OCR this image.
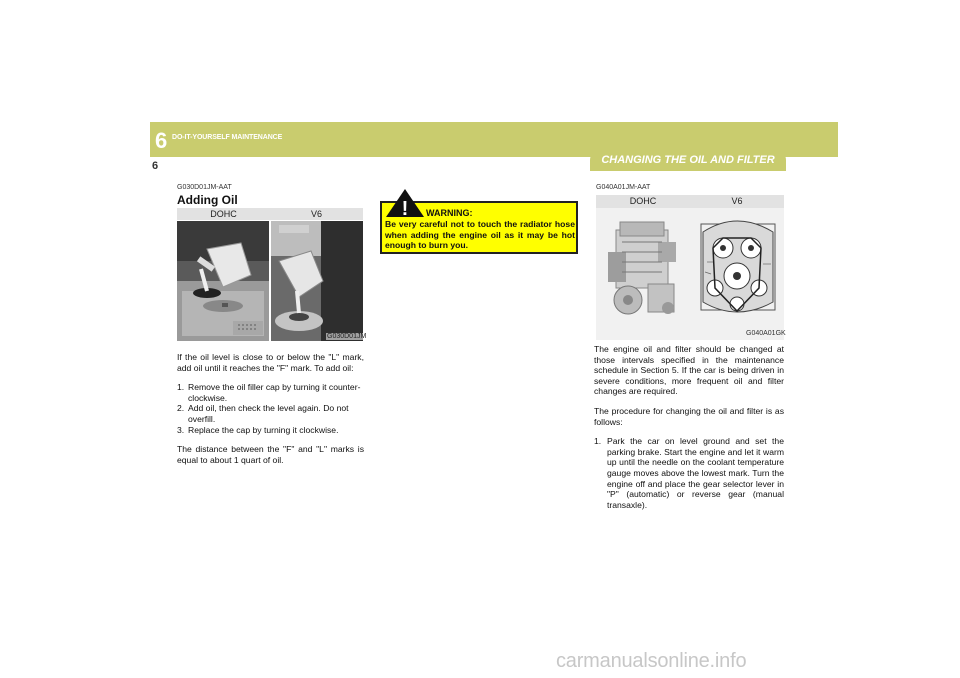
6 DO-IT-YOURSELF MAINTENANCE
6	CHANGING THE OIL AND FILTER
G030D01JM-AAT
Adding Oil
DOHC	V6
G030D01JM

If the oil level is close to or below the "L" mark, add oil until it reaches the "F" mark. To add oil:

1. Remove the oil filler cap by turning it counter-clockwise.
2. Add oil, then check the level again. Do not overfill.
3. Replace the cap by turning it clockwise.

The distance between the "F" and "L" marks is equal to about 1 quart of oil.

! WARNING:
Be very careful not to touch the radiator hose when adding the engine oil as it may be hot enough to burn you.
G040A01JM-AAT
DOHC	V6
G040A01GK

The engine oil and filter should be changed at those intervals specified in the maintenance schedule in Section 5. If the car is being driven in severe conditions, more frequent oil and filter changes are required.

The procedure for changing the oil and filter is as follows:

1. Park the car on level ground and set the parking brake. Start the engine and let it warm up until the needle on the coolant temperature gauge moves above the lowest mark. Turn the engine off and place the gear selector lever in "P" (automatic) or reverse gear (manual transaxle).
carmanualsonline.info
